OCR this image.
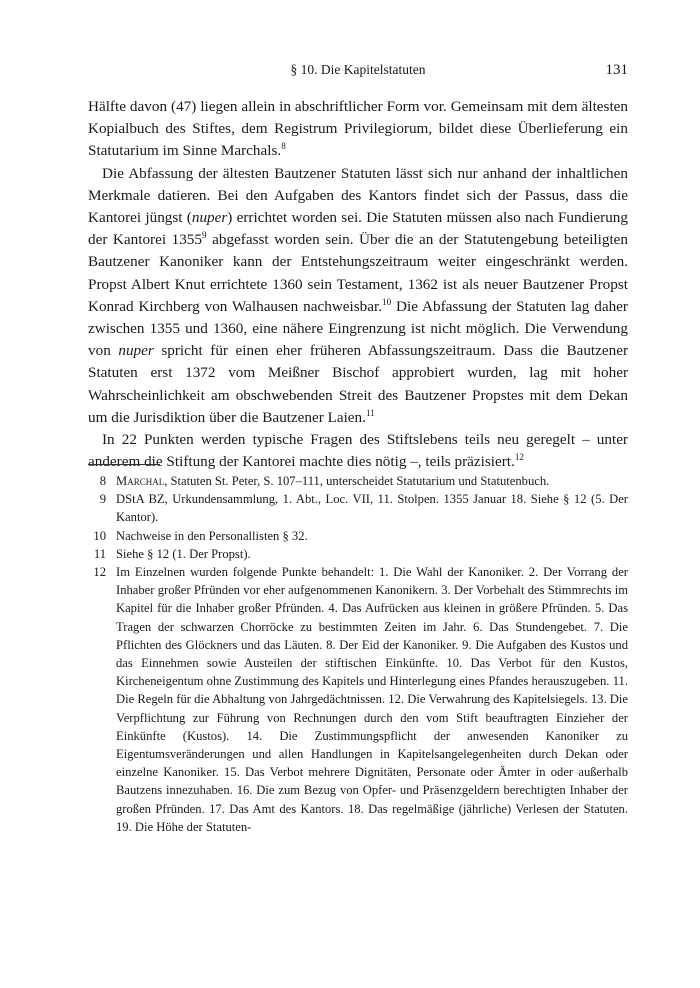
§ 10. Die Kapitelstatuten	131

Hälfte davon (47) liegen allein in abschriftlicher Form vor. Gemeinsam mit dem ältesten Kopialbuch des Stiftes, dem Registrum Privilegiorum, bildet diese Überlieferung ein Statutarium im Sinne Marchals.$^8$

Die Abfassung der ältesten Bautzener Statuten lässt sich nur anhand der inhaltlichen Merkmale datieren. Bei den Aufgaben des Kantors findet sich der Passus, dass die Kantorei jüngst (nuper) errichtet worden sei. Die Statuten müssen also nach Fundierung der Kantorei 1355$^9$ abgefasst worden sein. Über die an der Statutengebung beteiligten Bautzener Kanoniker kann der Entstehungszeitraum weiter eingeschränkt werden. Propst Albert Knut errichtete 1360 sein Testament, 1362 ist als neuer Bautzener Propst Konrad Kirchberg von Walhausen nachweisbar.$^{10}$ Die Abfassung der Statuten lag daher zwischen 1355 und 1360, eine nähere Eingrenzung ist nicht möglich. Die Verwendung von nuper spricht für einen eher früheren Abfassungszeitraum. Dass die Bautzener Statuten erst 1372 vom Meißner Bischof approbiert wurden, lag mit hoher Wahrscheinlichkeit am obschwebenden Streit des Bautzener Propstes mit dem Dekan um die Jurisdiktion über die Bautzener Laien.$^{11}$

In 22 Punkten werden typische Fragen des Stiftslebens teils neu geregelt – unter anderem die Stiftung der Kantorei machte dies nötig –, teils präzisiert.$^{12}$

8 Marchal, Statuten St. Peter, S. 107–111, unterscheidet Statutarium und Statutenbuch.
9 DStA BZ, Urkundensammlung, 1. Abt., Loc. VII, 11. Stolpen. 1355 Januar 18. Siehe § 12 (5. Der Kantor).
10 Nachweise in den Personallisten § 32.
11 Siehe § 12 (1. Der Propst).
12 Im Einzelnen wurden folgende Punkte behandelt: 1. Die Wahl der Kanoniker. 2. Der Vorrang der Inhaber großer Pfründen vor eher aufgenommenen Kanonikern. 3. Der Vorbehalt des Stimmrechts im Kapitel für die Inhaber großer Pfründen. 4. Das Aufrücken aus kleinen in größere Pfründen. 5. Das Tragen der schwarzen Chorröcke zu bestimmten Zeiten im Jahr. 6. Das Stundengebet. 7. Die Pflichten des Glöckners und das Läuten. 8. Der Eid der Kanoniker. 9. Die Aufgaben des Kustos und das Einnehmen sowie Austeilen der stiftischen Einkünfte. 10. Das Verbot für den Kustos, Kircheneigentum ohne Zustimmung des Kapitels und Hinterlegung eines Pfandes herauszugeben. 11. Die Regeln für die Abhaltung von Jahrgedächtnissen. 12. Die Verwahrung des Kapitelsiegels. 13. Die Verpflichtung zur Führung von Rechnungen durch den vom Stift beauftragten Einzieher der Einkünfte (Kustos). 14. Die Zustimmungspflicht der anwesenden Kanoniker zu Eigentumsveränderungen und allen Handlungen in Kapitelsangelegenheiten durch Dekan oder einzelne Kanoniker. 15. Das Verbot mehrere Dignitäten, Personate oder Ämter in oder außerhalb Bautzens innezuhaben. 16. Die zum Bezug von Opfer- und Präsenzgeldern berechtigten Inhaber der großen Pfründen. 17. Das Amt des Kantors. 18. Das regelmäßige (jährliche) Verlesen der Statuten. 19. Die Höhe der Statuten-
